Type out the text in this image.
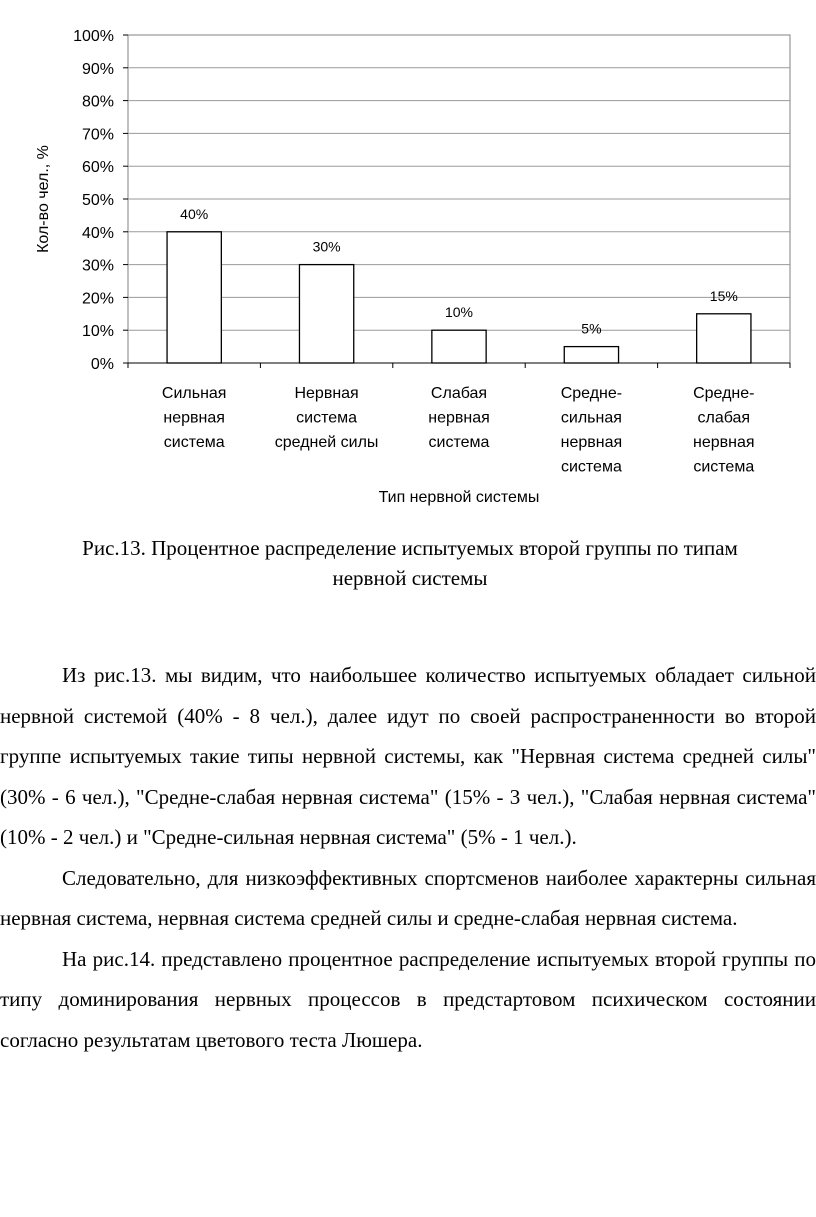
0%
10%
20%
30%
40%
50%
60%
70%
80%
90%
100%
40%
30%
10%
5%
15%
Сильная
нервная
система
Нервная
система
средней силы
Слабая
нервная
система
Средне-
сильная
нервная
система
Средне-
слабая
нервная
система
Кол-во чел., %
Тип нервной системы
Рис.13. Процентное распределение испытуемых второй группы по типам
нервной системы

Из рис.13. мы видим, что наибольшее количество испытуемых обладает сильной нервной системой (40% - 8 чел.), далее идут по своей распространенности во второй группе испытуемых такие типы нервной системы, как "Нервная система средней силы" (30% - 6 чел.), "Средне-слабая нервная система" (15% - 3 чел.), "Слабая нервная система" (10% - 2 чел.) и "Средне-сильная нервная система" (5% - 1 чел.).

Следовательно, для низкоэффективных спортсменов наиболее характерны сильная нервная система, нервная система средней силы и средне-слабая нервная система.

На рис.14. представлено процентное распределение испытуемых второй группы по типу доминирования нервных процессов в предстартовом психическом состоянии согласно результатам цветового теста Люшера.
